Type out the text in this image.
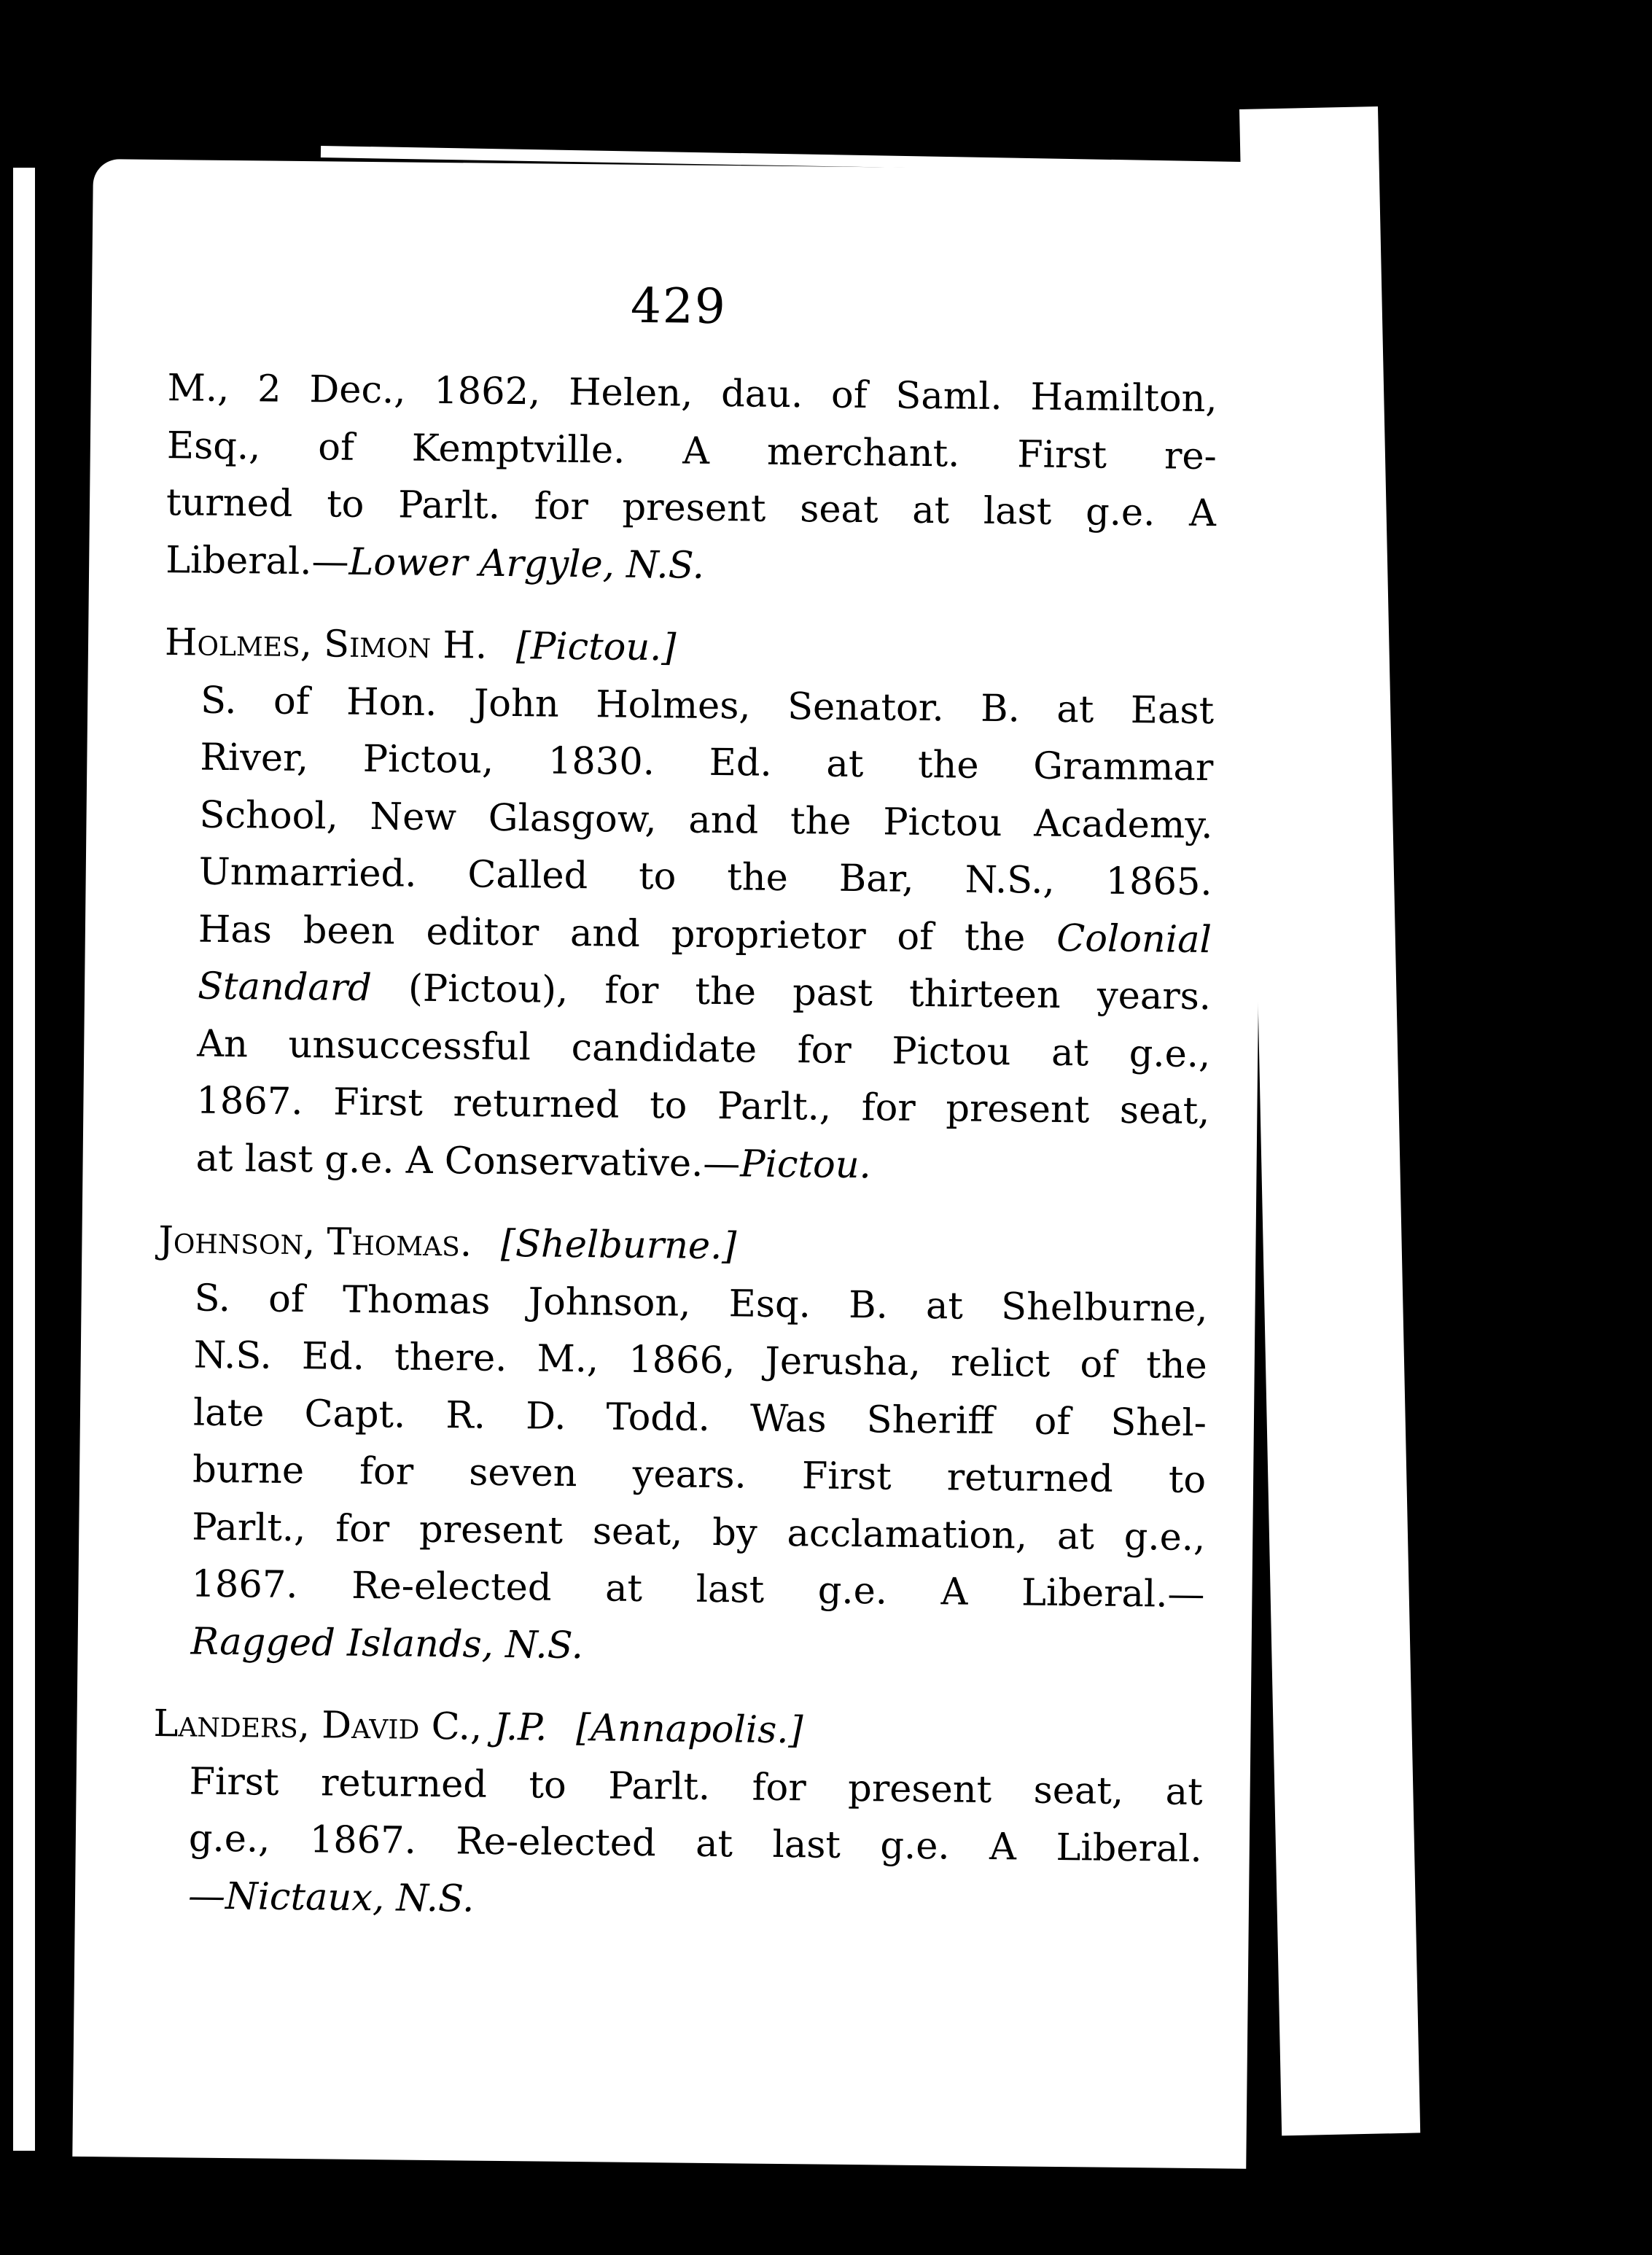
429

M., 2 Dec., 1862, Helen, dau. of Saml. Hamilton,
Esq., of Kemptville. A merchant. First re-
turned to Parlt. for present seat at last g.e. A
Liberal.—Lower Argyle, N.S.

Holmes, Simon H. [Pictou.]

S. of Hon. John Holmes, Senator. B. at East
River, Pictou, 1830. Ed. at the Grammar
School, New Glasgow, and the Pictou Academy.
Unmarried. Called to the Bar, N.S., 1865.
Has been editor and proprietor of the Colonial
Standard (Pictou), for the past thirteen years.
An unsuccessful candidate for Pictou at g.e.,
1867. First returned to Parlt., for present seat,
at last g.e. A Conservative.—Pictou.

Johnson, Thomas. [Shelburne.]

S. of Thomas Johnson, Esq. B. at Shelburne,
N.S. Ed. there. M., 1866, Jerusha, relict of the
late Capt. R. D. Todd. Was Sheriff of Shel-
burne for seven years. First returned to
Parlt., for present seat, by acclamation, at g.e.,
1867. Re-elected at last g.e. A Liberal.—
Ragged Islands, N.S.

Landers, David C., J.P. [Annapolis.]

First returned to Parlt. for present seat, at
g.e., 1867. Re-elected at last g.e. A Liberal.
—Nictaux, N.S.
